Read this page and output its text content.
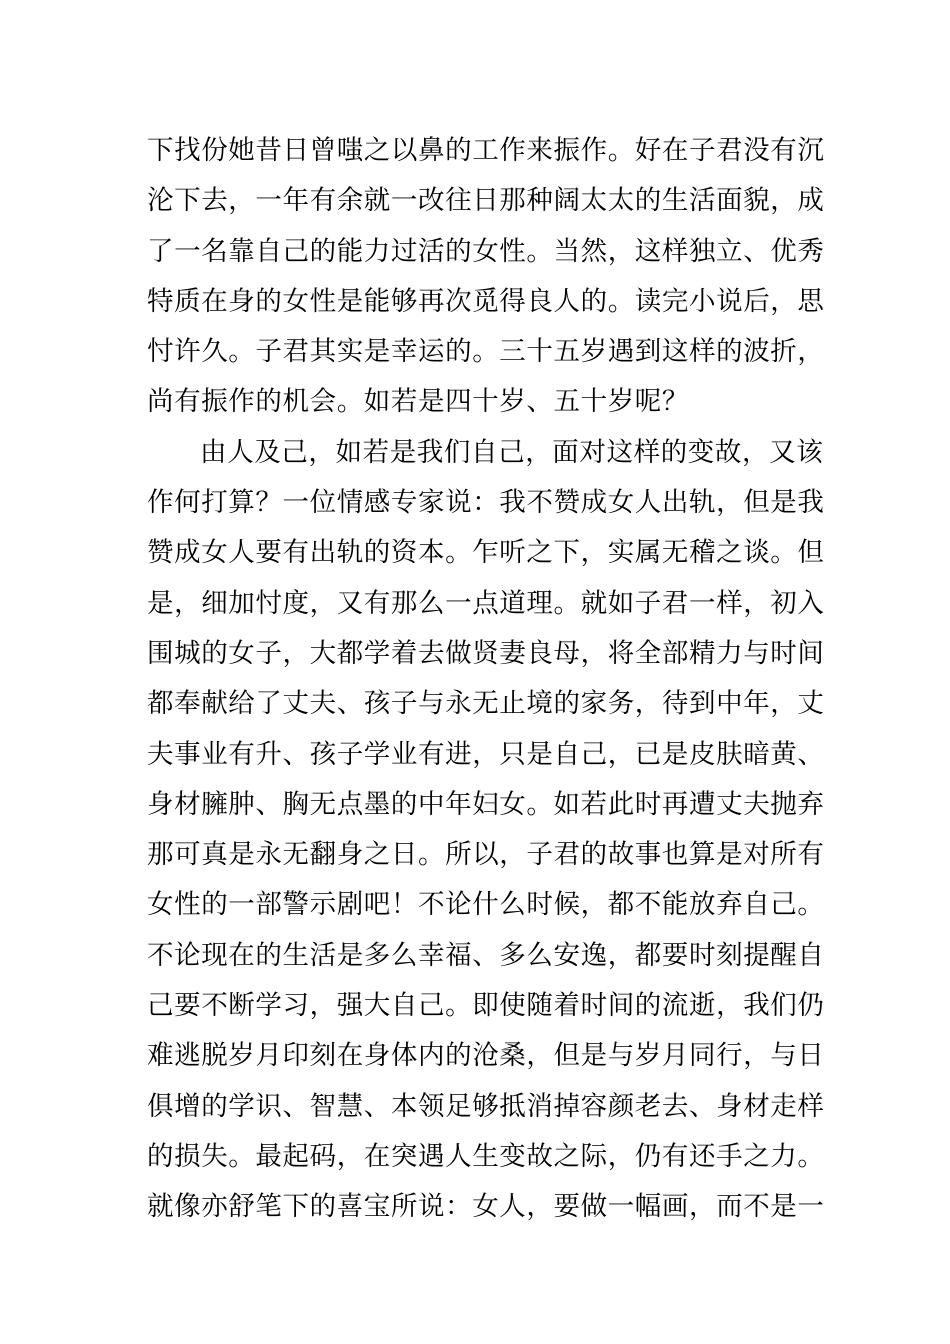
下找份她昔日曾嗤之以鼻的工作来振作。好在子君没有沉
沦下去，一年有余就一改往日那种阔太太的生活面貌，成
了一名靠自己的能力过活的女性。当然，这样独立、优秀
特质在身的女性是能够再次觅得良人的。读完小说后，思
忖许久。子君其实是幸运的。三十五岁遇到这样的波折，
尚有振作的机会。如若是四十岁、五十岁呢？
由人及己，如若是我们自己，面对这样的变故，又该
作何打算？一位情感专家说：我不赞成女人出轨，但是我
赞成女人要有出轨的资本。乍听之下，实属无稽之谈。但
是，细加忖度，又有那么一点道理。就如子君一样，初入
围城的女子，大都学着去做贤妻良母，将全部精力与时间
都奉献给了丈夫、孩子与永无止境的家务，待到中年，丈
夫事业有升、孩子学业有进，只是自己，已是皮肤暗黄、
身材臃肿、胸无点墨的中年妇女。如若此时再遭丈夫抛弃
那可真是永无翻身之日。所以，子君的故事也算是对所有
女性的一部警示剧吧！不论什么时候，都不能放弃自己。
不论现在的生活是多么幸福、多么安逸，都要时刻提醒自
己要不断学习，强大自己。即使随着时间的流逝，我们仍
难逃脱岁月印刻在身体内的沧桑，但是与岁月同行，与日
俱增的学识、智慧、本领足够抵消掉容颜老去、身材走样
的损失。最起码，在突遇人生变故之际，仍有还手之力。
就像亦舒笔下的喜宝所说：女人，要做一幅画，而不是一
